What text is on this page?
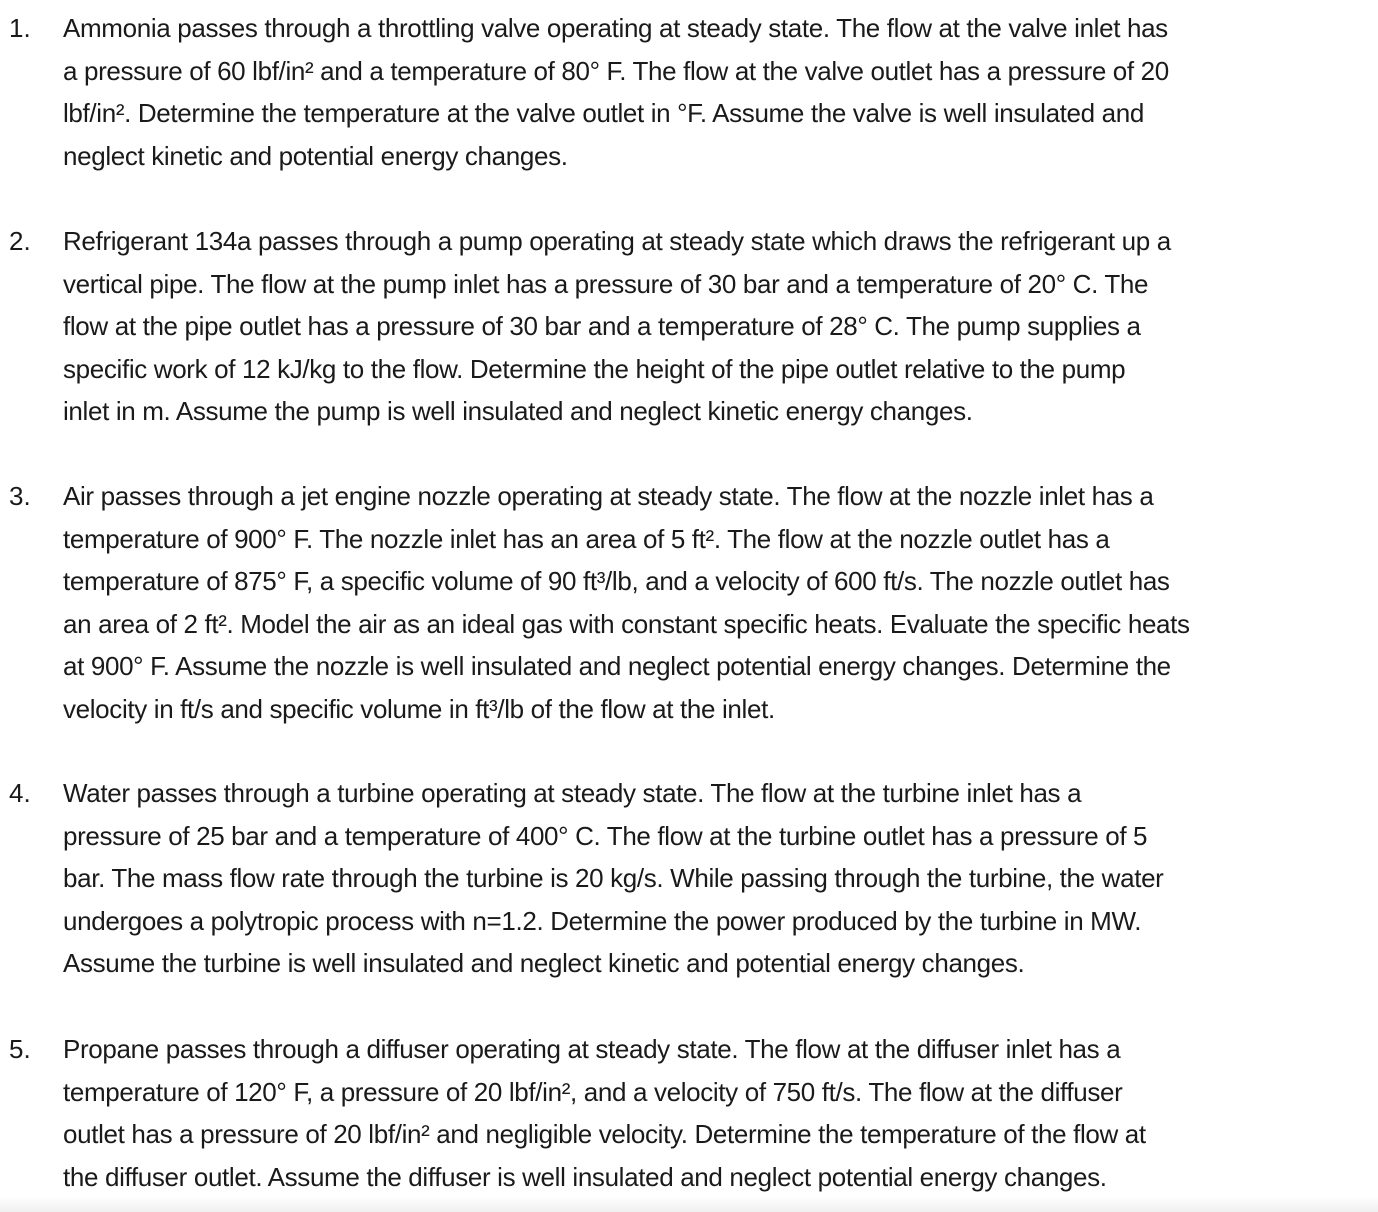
1. Ammonia passes through a throttling valve operating at steady state. The flow at the valve inlet has
a pressure of 60 lbf/in² and a temperature of 80° F. The flow at the valve outlet has a pressure of 20
lbf/in². Determine the temperature at the valve outlet in °F. Assume the valve is well insulated and
neglect kinetic and potential energy changes.
2. Refrigerant 134a passes through a pump operating at steady state which draws the refrigerant up a
vertical pipe. The flow at the pump inlet has a pressure of 30 bar and a temperature of 20° C. The
flow at the pipe outlet has a pressure of 30 bar and a temperature of 28° C. The pump supplies a
specific work of 12 kJ/kg to the flow. Determine the height of the pipe outlet relative to the pump
inlet in m. Assume the pump is well insulated and neglect kinetic energy changes.
3. Air passes through a jet engine nozzle operating at steady state. The flow at the nozzle inlet has a
temperature of 900° F. The nozzle inlet has an area of 5 ft². The flow at the nozzle outlet has a
temperature of 875° F, a specific volume of 90 ft³/lb, and a velocity of 600 ft/s. The nozzle outlet has
an area of 2 ft². Model the air as an ideal gas with constant specific heats. Evaluate the specific heats
at 900° F. Assume the nozzle is well insulated and neglect potential energy changes. Determine the
velocity in ft/s and specific volume in ft³/lb of the flow at the inlet.
4. Water passes through a turbine operating at steady state. The flow at the turbine inlet has a
pressure of 25 bar and a temperature of 400° C. The flow at the turbine outlet has a pressure of 5
bar. The mass flow rate through the turbine is 20 kg/s. While passing through the turbine, the water
undergoes a polytropic process with n=1.2. Determine the power produced by the turbine in MW.
Assume the turbine is well insulated and neglect kinetic and potential energy changes.
5. Propane passes through a diffuser operating at steady state. The flow at the diffuser inlet has a
temperature of 120° F, a pressure of 20 lbf/in², and a velocity of 750 ft/s. The flow at the diffuser
outlet has a pressure of 20 lbf/in² and negligible velocity. Determine the temperature of the flow at
the diffuser outlet. Assume the diffuser is well insulated and neglect potential energy changes.
